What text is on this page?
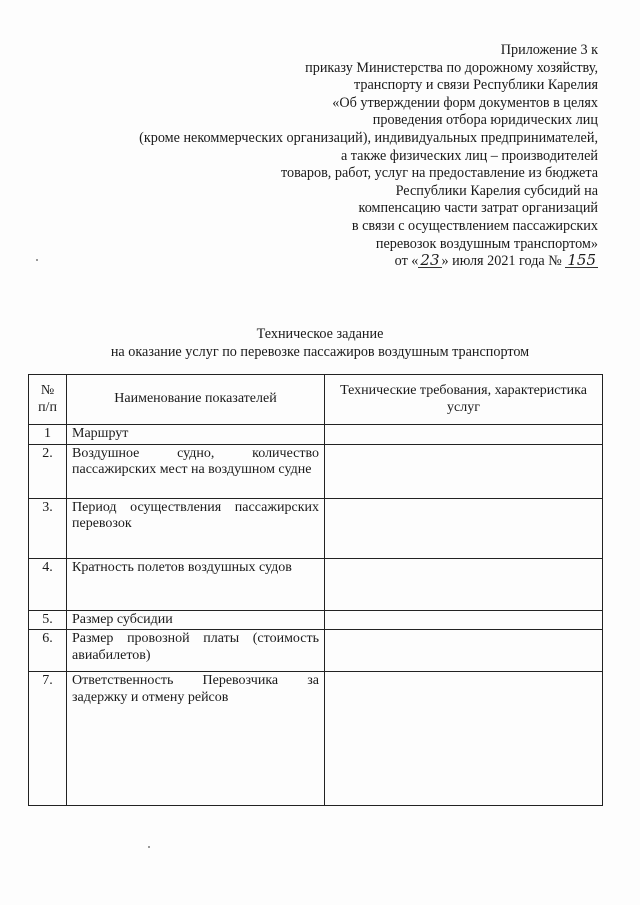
Приложение 3 к
приказу Министерства по дорожному хозяйству,
транспорту и связи Республики Карелия
«Об утверждении форм документов в целях
проведения отбора юридических лиц
(кроме некоммерческих организаций), индивидуальных предпринимателей,
а также физических лиц – производителей
товаров, работ, услуг на предоставление из бюджета
Республики Карелия субсидий на
компенсацию части затрат организаций
в связи с осуществлением пассажирских
перевозок воздушным транспортом»
от « 23 » июля 2021 года № 155
Техническое задание
на оказание услуг по перевозке пассажиров воздушным транспортом
№ п/п	Наименование показателей	Технические требования, характеристика услуг
1	Маршрут	
2.	Воздушное судно, количество пассажирских мест на воздушном судне	
3.	Период осуществления пассажирских перевозок	
4.	Кратность полетов воздушных судов	
5.	Размер субсидии	
6.	Размер провозной платы (стоимость авиабилетов)	
7.	Ответственность Перевозчика за задержку и отмену рейсов	
